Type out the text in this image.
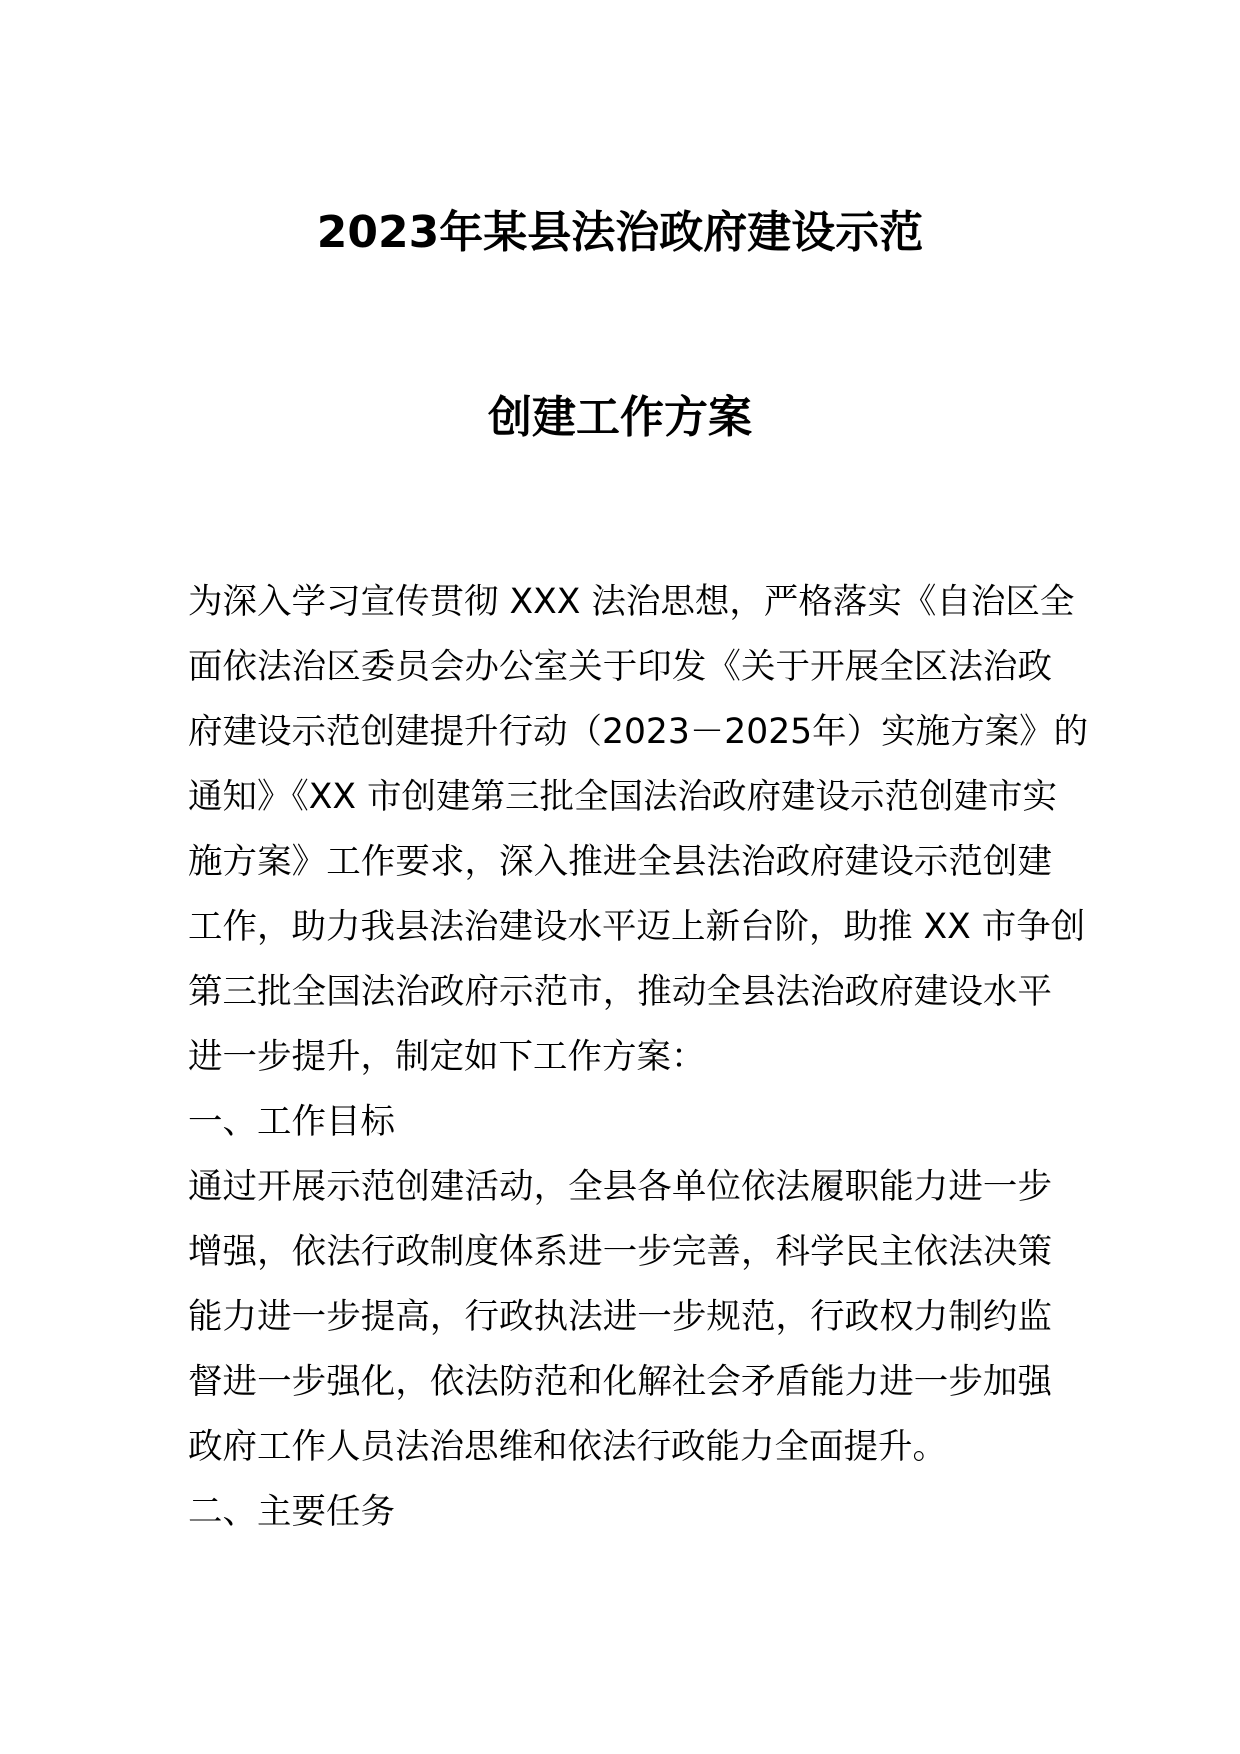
2023年某县法治政府建设示范
创建工作方案
为深入学习宣传贯彻 XXX 法治思想，严格落实《自治区全
面依法治区委员会办公室关于印发《关于开展全区法治政
府建设示范创建提升行动（2023－2025年）实施方案》的
通知》《XX 市创建第三批全国法治政府建设示范创建市实
施方案》工作要求，深入推进全县法治政府建设示范创建
工作，助力我县法治建设水平迈上新台阶，助推 XX 市争创
第三批全国法治政府示范市，推动全县法治政府建设水平
进一步提升，制定如下工作方案：
一、工作目标
通过开展示范创建活动，全县各单位依法履职能力进一步
增强，依法行政制度体系进一步完善，科学民主依法决策
能力进一步提高，行政执法进一步规范，行政权力制约监
督进一步强化，依法防范和化解社会矛盾能力进一步加强
政府工作人员法治思维和依法行政能力全面提升。
二、主要任务
